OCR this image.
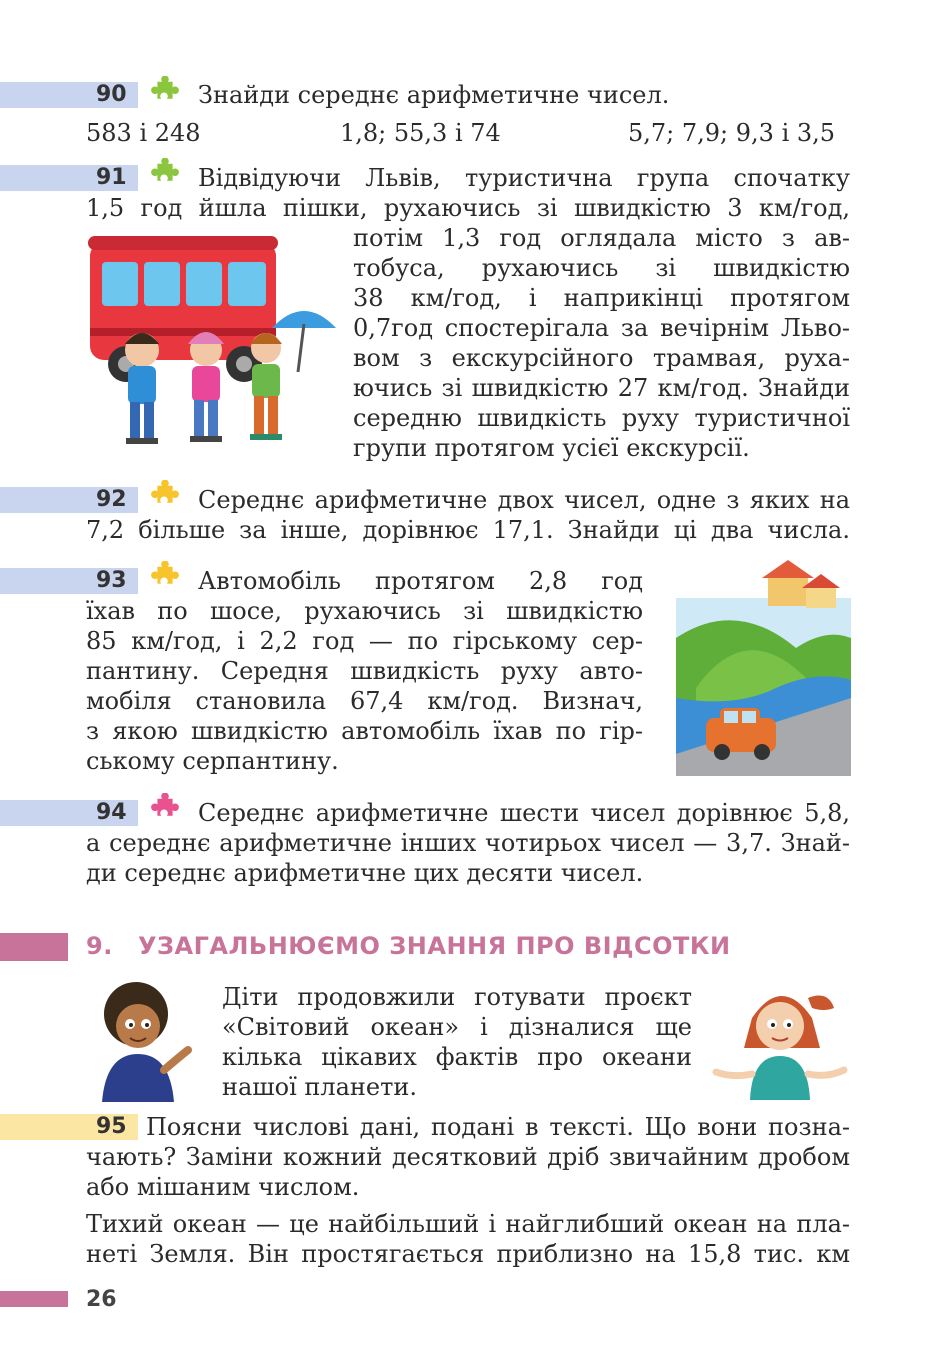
90	Знайди середнє арифметичне чисел.
583 і 248	1,8; 55,3 і 74	5,7; 7,9; 9,3 і 3,5
91	Відвідуючи Львів, туристична група спочатку
1,5 год йшла пішки, рухаючись зі швидкістю 3 км/год,
потім 1,3 год оглядала місто з ав-
тобуса, рухаючись зі швидкістю
38 км/год, і наприкінці протягом
0,7год спостерігала за вечірнім Льво-
вом з екскурсійного трамвая, руха-
ючись зі швидкістю 27 км/год. Знайди
середню швидкість руху туристичної
групи протягом усієї екскурсії.
92	Середнє арифметичне двох чисел, одне з яких на
7,2 більше за інше, дорівнює 17,1. Знайди ці два числа.
93	Автомобіль протягом 2,8 год
їхав по шосе, рухаючись зі швидкістю
85 км/год, і 2,2 год — по гірському сер-
пантину. Середня швидкість руху авто-
мобіля становила 67,4 км/год. Визнач,
з якою швидкістю автомобіль їхав по гір-
ському серпантину.
94	Середнє арифметичне шести чисел дорівнює 5,8,
а середнє арифметичне інших чотирьох чисел — 3,7. Знай-
ди середнє арифметичне цих десяти чисел.
9. УЗАГАЛЬНЮЄМО ЗНАННЯ ПРО ВІДСОТКИ
Діти продовжили готувати проєкт
«Світовий океан» і дізналися ще
кілька цікавих фактів про океани
нашої планети.
95 Поясни числові дані, подані в тексті. Що вони позна-
чають? Заміни кожний десятковий дріб звичайним дробом
або мішаним числом.
Тихий океан — це найбільший і найглибший океан на пла-
неті Земля. Він простягається приблизно на 15,8 тис. км
26
